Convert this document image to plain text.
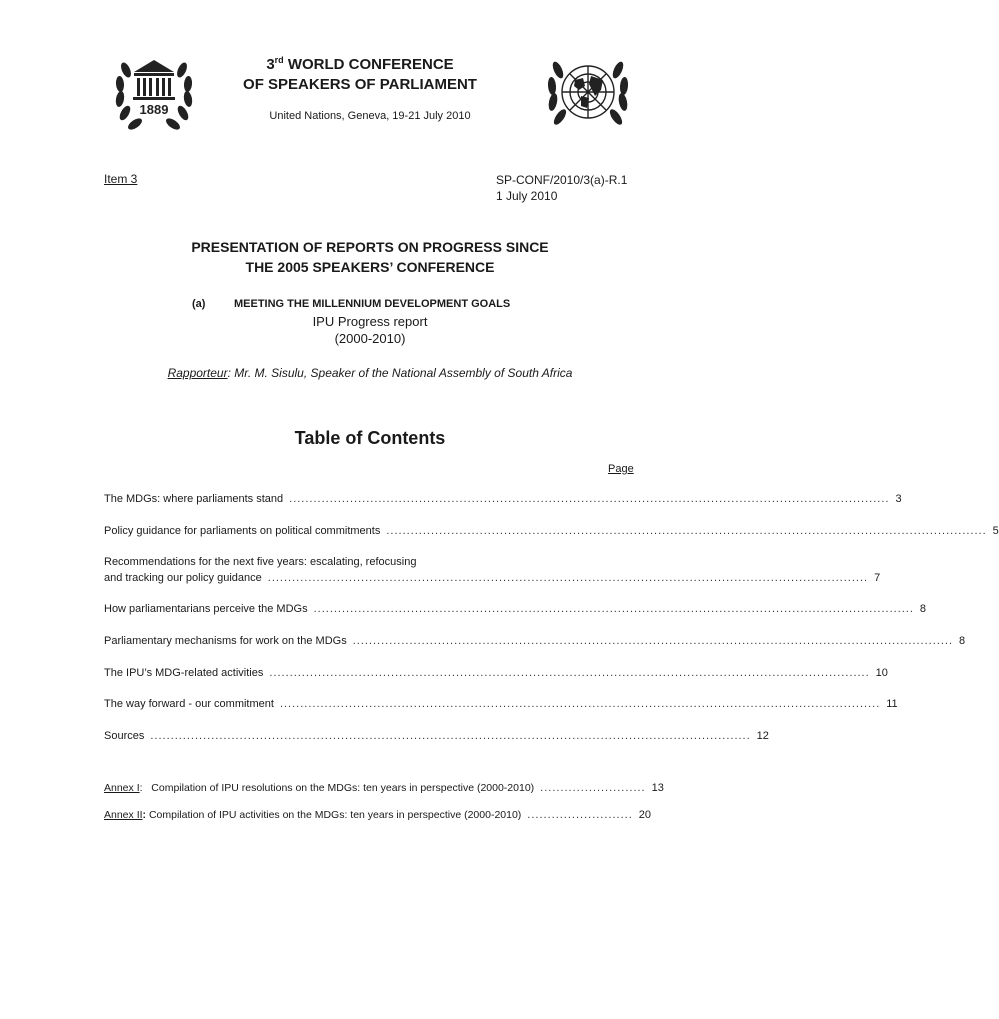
1889
3rd WORLD CONFERENCE
OF SPEAKERS OF PARLIAMENT
United Nations, Geneva, 19-21 July 2010
Item 3	SP-CONF/2010/3(a)-R.1
1 July 2010
PRESENTATION OF REPORTS ON PROGRESS SINCE
THE 2005 SPEAKERS’ CONFERENCE
(a)	MEETING THE MILLENNIUM DEVELOPMENT GOALS
IPU Progress report
(2000-2010)
Rapporteur: Mr. M. Sisulu, Speaker of the National Assembly of South Africa
Table of Contents
Page
The MDGs: where parliaments stand .................................................................................................................................................... 3
Policy guidance for parliaments on political commitments .................................................................................................................................................... 5
Recommendations for the next five years: escalating, refocusing
and tracking our policy guidance .................................................................................................................................................... 7
How parliamentarians perceive the MDGs .................................................................................................................................................... 8
Parliamentary mechanisms for work on the MDGs .................................................................................................................................................... 8
The IPU’s MDG-related activities .................................................................................................................................................... 10
The way forward - our commitment .................................................................................................................................................... 11
Sources .................................................................................................................................................... 12
Annex I: Compilation of IPU resolutions on the MDGs: ten years in perspective (2000-2010) .......................... 13
Annex II: Compilation of IPU activities on the MDGs: ten years in perspective (2000-2010) .......................... 20
